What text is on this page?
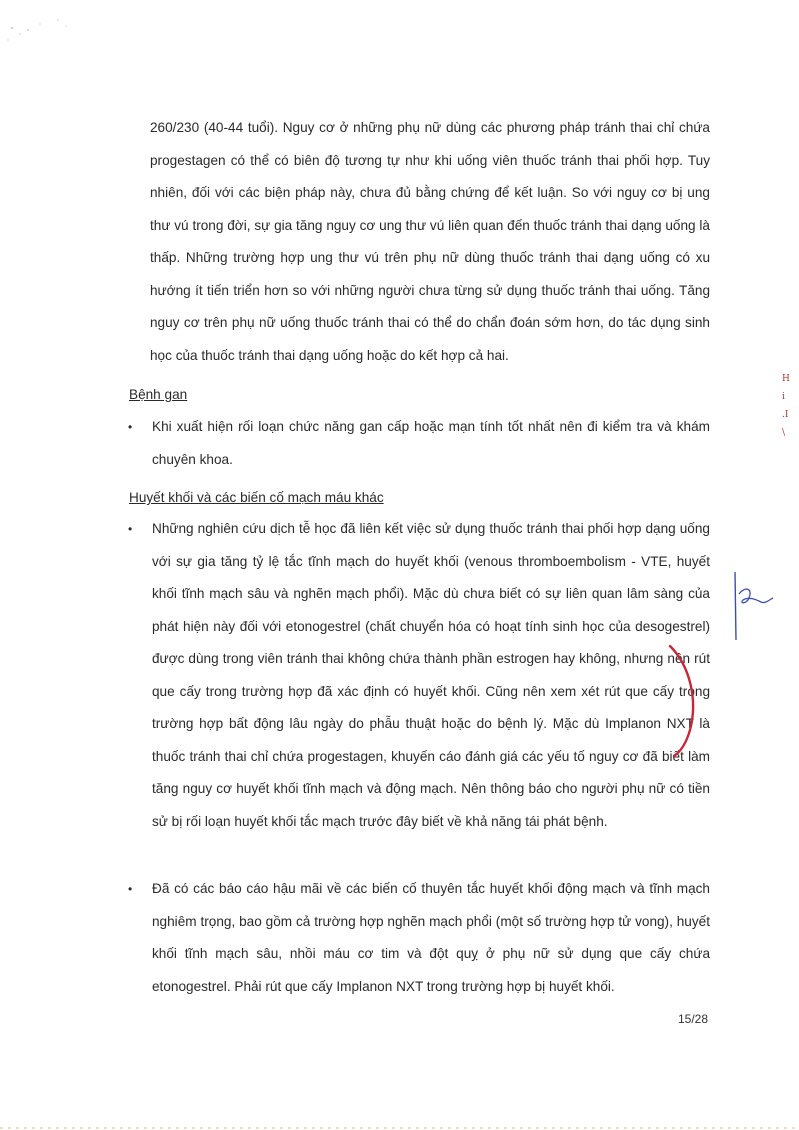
260/230 (40-44 tuổi). Nguy cơ ở những phụ nữ dùng các phương pháp tránh thai chỉ chứa progestagen có thể có biên độ tương tự như khi uống viên thuốc tránh thai phối hợp. Tuy nhiên, đối với các biện pháp này, chưa đủ bằng chứng để kết luận. So với nguy cơ bị ung thư vú trong đời, sự gia tăng nguy cơ ung thư vú liên quan đến thuốc tránh thai dạng uống là thấp. Những trường hợp ung thư vú trên phụ nữ dùng thuốc tránh thai dạng uống có xu hướng ít tiến triển hơn so với những người chưa từng sử dụng thuốc tránh thai uống. Tăng nguy cơ trên phụ nữ uống thuốc tránh thai có thể do chẩn đoán sớm hơn, do tác dụng sinh học của thuốc tránh thai dạng uống hoặc do kết hợp cả hai.

Bệnh gan

•	Khi xuất hiện rối loạn chức năng gan cấp hoặc mạn tính tốt nhất nên đi kiểm tra và khám chuyên khoa.

Huyết khối và các biến cố mạch máu khác

•	Những nghiên cứu dịch tễ học đã liên kết việc sử dụng thuốc tránh thai phối hợp dạng uống với sự gia tăng tỷ lệ tắc tĩnh mạch do huyết khối (venous thromboembolism - VTE, huyết khối tĩnh mạch sâu và nghẽn mạch phổi). Mặc dù chưa biết có sự liên quan lâm sàng của phát hiện này đối với etonogestrel (chất chuyển hóa có hoạt tính sinh học của desogestrel) được dùng trong viên tránh thai không chứa thành phần estrogen hay không, nhưng nên rút que cấy trong trường hợp đã xác định có huyết khối. Cũng nên xem xét rút que cấy trong trường hợp bất động lâu ngày do phẫu thuật hoặc do bệnh lý. Mặc dù Implanon NXT là thuốc tránh thai chỉ chứa progestagen, khuyến cáo đánh giá các yếu tố nguy cơ đã biết làm tăng nguy cơ huyết khối tĩnh mạch và động mạch. Nên thông báo cho người phụ nữ có tiền sử bị rối loạn huyết khối tắc mạch trước đây biết về khả năng tái phát bệnh.

•	Đã có các báo cáo hậu mãi về các biến cố thuyên tắc huyết khối động mạch và tĩnh mạch nghiêm trọng, bao gồm cả trường hợp nghẽn mạch phổi (một số trường hợp tử vong), huyết khối tĩnh mạch sâu, nhồi máu cơ tim và đột quỵ ở phụ nữ sử dụng que cấy chứa etonogestrel. Phải rút que cấy Implanon NXT trong trường hợp bị huyết khối.

15/28
H
i
.I
\
